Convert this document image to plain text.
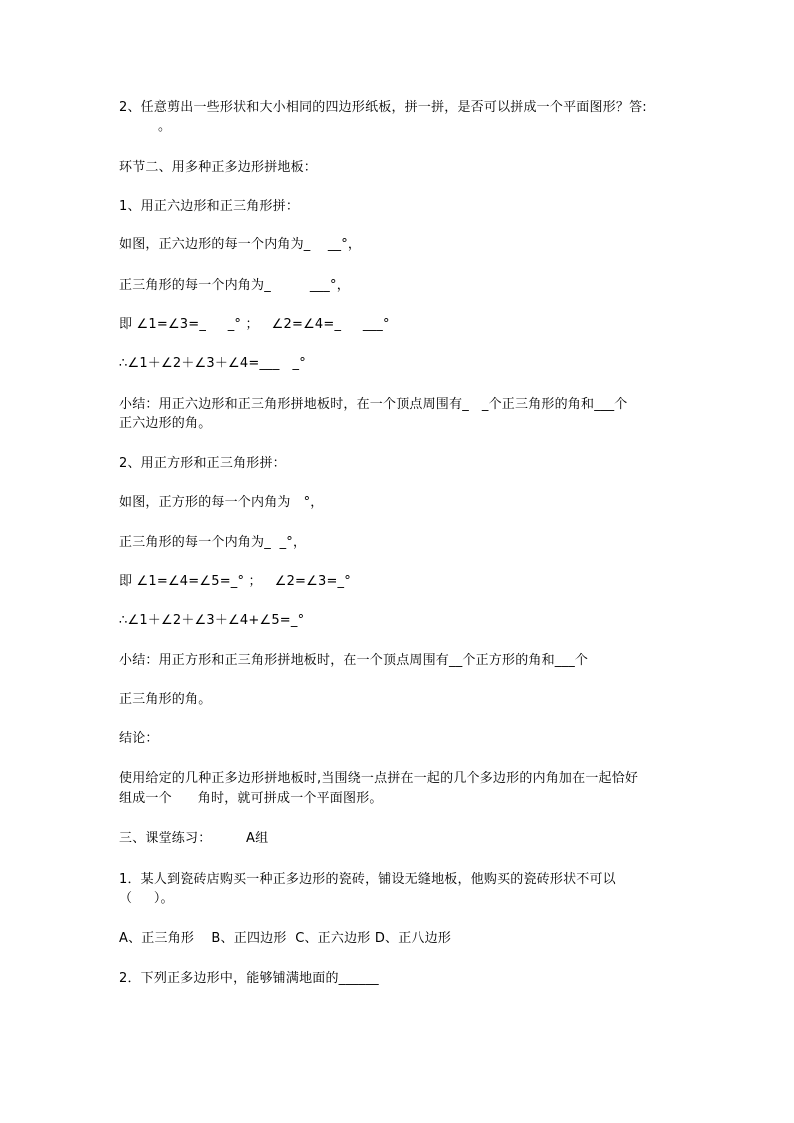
2、任意剪出一些形状和大小相同的四边形纸板，拼一拼，是否可以拼成一个平面图形？答:
。
环节二、用多种正多边形拼地板：
1、用正六边形和正三角形拼：
如图，正六边形的每一个内角为_    __°，
正三角形的每一个内角为_         ___°，
即 ∠1=∠3=_     _° ；   ∠2=∠4=_     ___°
∴∠1＋∠2＋∠3＋∠4=___   _°
小结：用正六边形和正三角形拼地板时，在一个顶点周围有_   _个正三角形的角和___个
正六边形的角。
2、用正方形和正三角形拼：
如图，正方形的每一个内角为   °，
正三角形的每一个内角为_  _°，
即 ∠1=∠4=∠5=_° ；   ∠2=∠3=_°
∴∠1＋∠2＋∠3＋∠4+∠5=_°
小结：用正方形和正三角形拼地板时，在一个顶点周围有__个正方形的角和___个
正三角形的角。
结论：
使用给定的几种正多边形拼地板时,当围绕一点拼在一起的几个多边形的内角加在一起恰好
组成一个      角时，就可拼成一个平面图形。
三、课堂练习：        A组
1．某人到瓷砖店购买一种正多边形的瓷砖，铺设无缝地板，他购买的瓷砖形状不可以
（     ）。
A、正三角形    B、正四边形  C、正六边形 D、正八边形
2．下列正多边形中，能够铺满地面的______
